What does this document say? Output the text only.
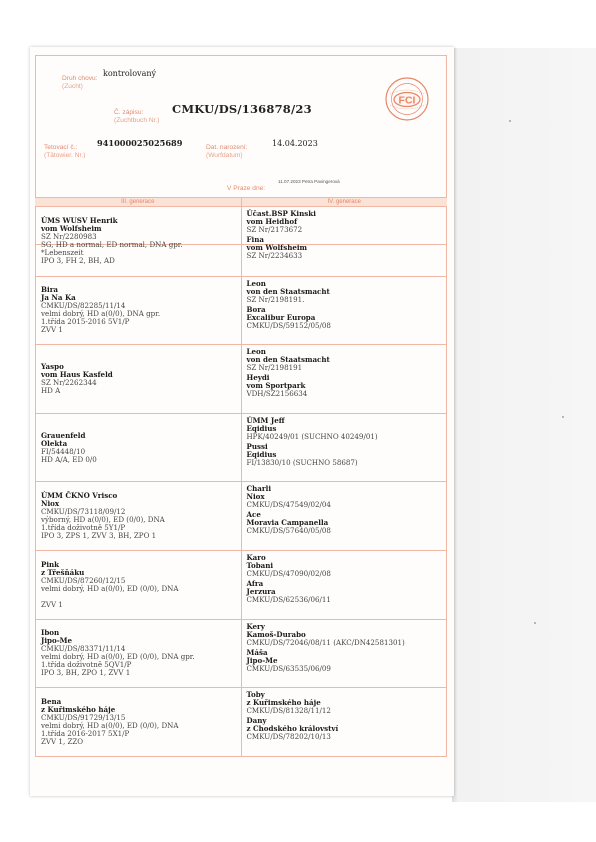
Druh chovu:
(Zucht)
kontrolovaný
Č. zápisu:
(Zuchtbuch Nr.)
CMKU/DS/136878/23
Tetovací č.:
(Tätowier. Nr.)
941000025025689	Dat. narození:
(Wurfdatum)
14.04.2023
V Praze dne:
11.07.2023 Petra Pavingerová
FCI
III. generace	IV. generace
ÚMS WUSV Henrik
vom Wolfsheim
SZ Nr/2280983
SG, HD a normal, ED normal, DNA gpr.
*Lebenszeit
IPO 3, FH 2, BH, AD
Účast.BSP Kinski
vom Heidhof
SZ Nr/2173672
Fina
vom Wolfsheim
SZ Nr/2234633
Bira
Ja Na Ka
CMKU/DS/82285/11/14
velmi dobrý, HD a(0/0), DNA gpr.
1.třída 2015-2016 5V1/P
ZVV 1
Leon
von den Staatsmacht
SZ Nr/2198191.
Bora
Excalibur Europa
CMKU/DS/59152/05/08
Yaspo
vom Haus Kasfeld
SZ Nr/2262344
HD A
Leon
von den Staatsmacht
SZ Nr/2198191
Heydi
vom Sportpark
VDH/SZ2156634
Grauenfeld
Olekta
FI/54448/10
HD A/A, ED 0/0
ÚMM Jeff
Eqidius
HPK/40249/01 (SUCHNO 40249/01)
Pussi
Eqidius
FI/13830/10 (SUCHNO 58687)
ÚMM ČKNO Vrisco
Niox
CMKU/DS/73118/09/12
výborný, HD a(0/0), ED (0/0), DNA
1.třída doživotně 5Y1/P
IPO 3, ZPS 1, ZVV 3, BH, ZPO 1
Charli
Niox
CMKU/DS/47549/02/04
Ace
Moravia Campanella
CMKU/DS/57640/05/08
Pink
z Třešňáku
CMKU/DS/87260/12/15
velmi dobrý, HD a(0/0), ED (0/0), DNA

ZVV 1
Karo
Tobani
CMKU/DS/47090/02/08
Afra
Jerzura
CMKU/DS/62536/06/11
Ibon
Jipo-Me
CMKU/DS/83371/11/14
velmi dobrý, HD a(0/0), ED (0/0), DNA gpr.
1.třída doživotně 5QV1/P
IPO 3, BH, ZPO 1, ZVV 1
Kery
Kamoš-Durabo
CMKU/DS/72046/08/11 (AKC/DN42581301)
Máša
Jipo-Me
CMKU/DS/63535/06/09
Bena
z Kuřimského háje
CMKU/DS/91729/13/15
velmi dobrý, HD a(0/0), ED (0/0), DNA
1.třída 2016-2017 5X1/P
ZVV 1, ZZO
Toby
z Kuřimského háje
CMKU/DS/81328/11/12
Dany
z Chodského království
CMKU/DS/78202/10/13
